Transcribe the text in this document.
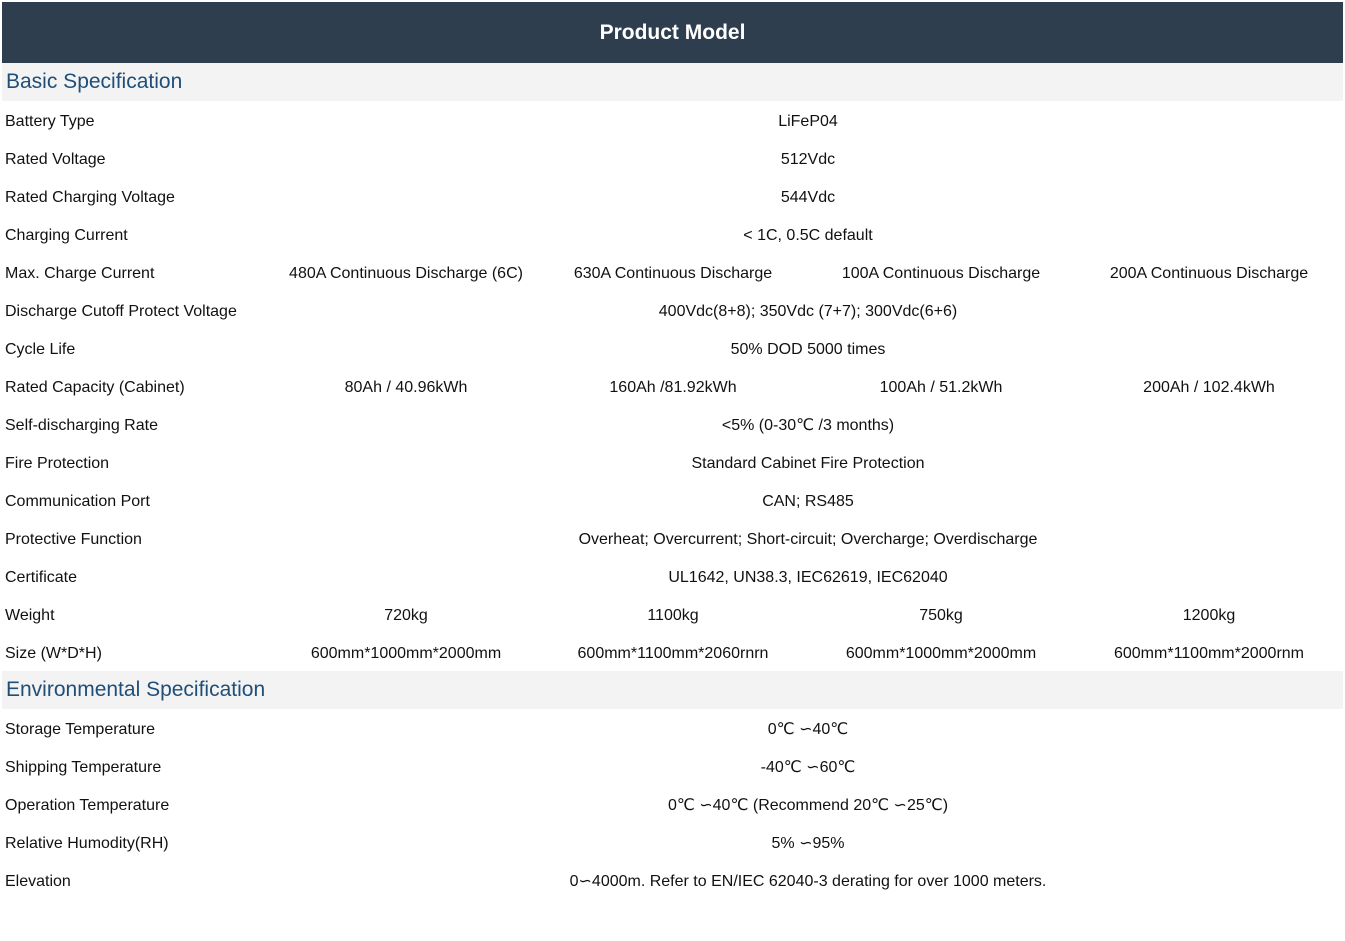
Product Model
Basic Specification
Battery Type	LiFeP04
Rated Voltage	512Vdc
Rated Charging Voltage	544Vdc
Charging Current	< 1C, 0.5C default
Max. Charge Current	480A Continuous Discharge (6C)	630A Continuous Discharge	100A Continuous Discharge	200A Continuous Discharge
Discharge Cutoff Protect Voltage	400Vdc(8+8); 350Vdc (7+7); 300Vdc(6+6)
Cycle Life	50% DOD 5000 times
Rated Capacity (Cabinet)	80Ah / 40.96kWh	160Ah /81.92kWh	100Ah / 51.2kWh	200Ah / 102.4kWh
Self-discharging Rate	<5% (0-30℃ /3 months)
Fire Protection	Standard Cabinet Fire Protection
Communication Port	CAN; RS485
Protective Function	Overheat; Overcurrent; Short-circuit; Overcharge; Overdischarge
Certificate	UL1642, UN38.3, IEC62619, IEC62040
Weight	720kg	1100kg	750kg	1200kg
Size (W*D*H)	600mm*1000mm*2000mm	600mm*1100mm*2060rnrn	600mm*1000mm*2000mm	600mm*1100mm*2000rnm
Environmental Specification
Storage Temperature	0℃ ∽40℃
Shipping Temperature	-40℃ ∽60℃
Operation Temperature	0℃ ∽40℃ (Recommend 20℃ ∽25℃)
Relative Humodity(RH)	5% ∽95%
Elevation	0∽4000m. Refer to EN/IEC 62040-3 derating for over 1000 meters.
